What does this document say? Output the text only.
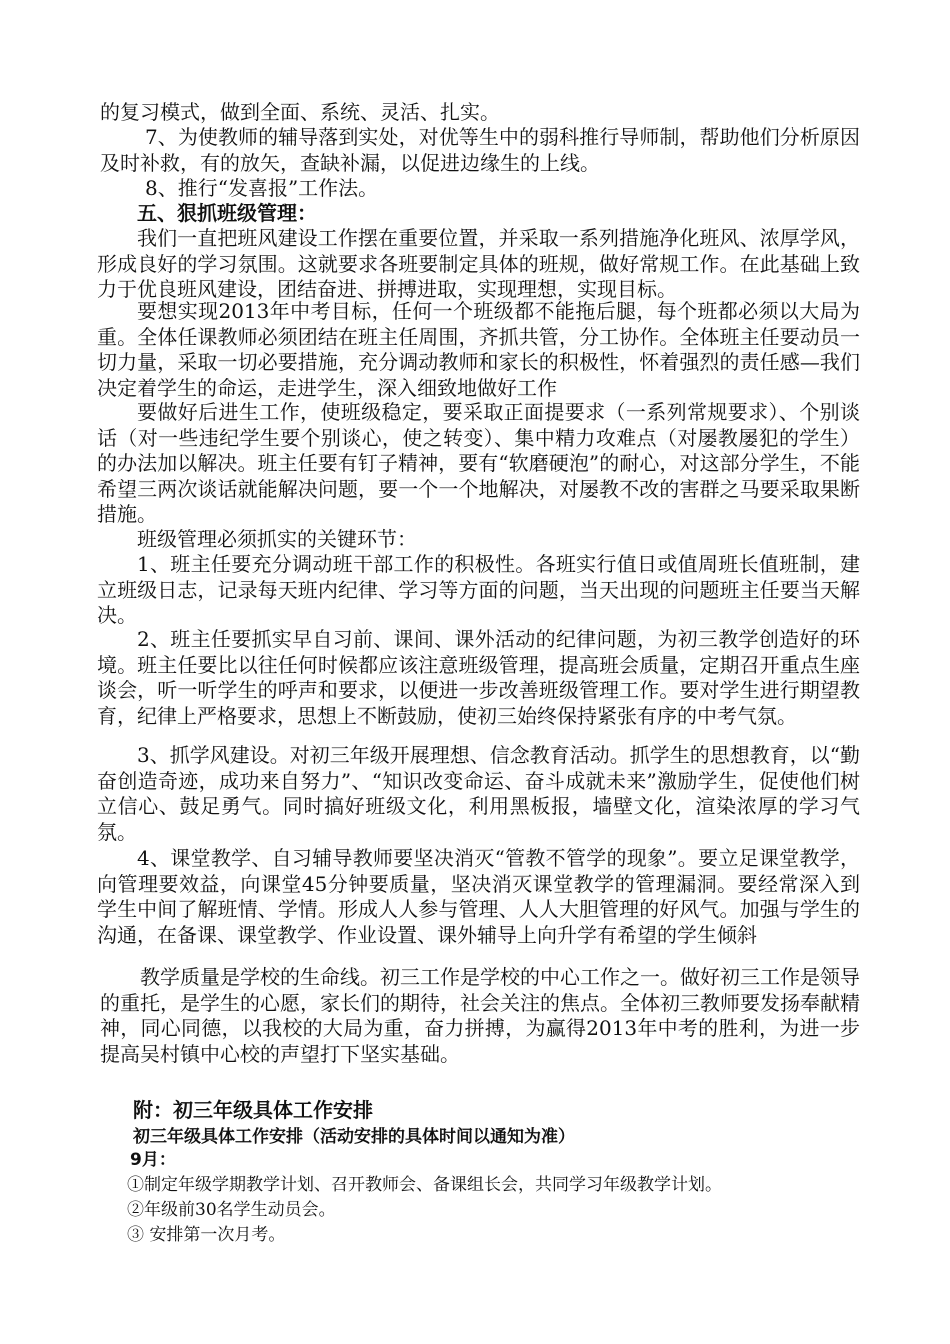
的复习模式，做到全面、系统、灵活、扎实。

7、为使教师的辅导落到实处，对优等生中的弱科推行导师制，帮助他们分析原因及时补救，有的放矢，查缺补漏，以促进边缘生的上线。

8、推行“发喜报”工作法。

五、狠抓班级管理：

我们一直把班风建设工作摆在重要位置，并采取一系列措施净化班风、浓厚学风，形成良好的学习氛围。这就要求各班要制定具体的班规，做好常规工作。在此基础上致力于优良班风建设，团结奋进、拼搏进取，实现理想，实现目标。

要想实现2013年中考目标，任何一个班级都不能拖后腿，每个班都必须以大局为重。全体任课教师必须团结在班主任周围，齐抓共管，分工协作。全体班主任要动员一切力量，采取一切必要措施，充分调动教师和家长的积极性，怀着强烈的责任感—我们决定着学生的命运，走进学生，深入细致地做好工作

要做好后进生工作，使班级稳定，要采取正面提要求（一系列常规要求）、个别谈话（对一些违纪学生要个别谈心，使之转变）、集中精力攻难点（对屡教屡犯的学生）的办法加以解决。班主任要有钉子精神，要有“软磨硬泡”的耐心，对这部分学生，不能希望三两次谈话就能解决问题，要一个一个地解决，对屡教不改的害群之马要采取果断措施。

班级管理必须抓实的关键环节：

1、班主任要充分调动班干部工作的积极性。各班实行值日或值周班长值班制，建立班级日志，记录每天班内纪律、学习等方面的问题，当天出现的问题班主任要当天解决。

2、班主任要抓实早自习前、课间、课外活动的纪律问题，为初三教学创造好的环境。班主任要比以往任何时候都应该注意班级管理，提高班会质量，定期召开重点生座谈会，听一听学生的呼声和要求，以便进一步改善班级管理工作。要对学生进行期望教育，纪律上严格要求，思想上不断鼓励，使初三始终保持紧张有序的中考气氛。

3、抓学风建设。对初三年级开展理想、信念教育活动。抓学生的思想教育，以“勤奋创造奇迹，成功来自努力”、“知识改变命运、奋斗成就未来”激励学生，促使他们树立信心、鼓足勇气。同时搞好班级文化，利用黑板报，墙壁文化，渲染浓厚的学习气氛。

4、课堂教学、自习辅导教师要坚决消灭“管教不管学的现象”。要立足课堂教学，向管理要效益，向课堂45分钟要质量，坚决消灭课堂教学的管理漏洞。要经常深入到学生中间了解班情、学情。形成人人参与管理、人人大胆管理的好风气。加强与学生的沟通，在备课、课堂教学、作业设置、课外辅导上向升学有希望的学生倾斜

教学质量是学校的生命线。初三工作是学校的中心工作之一。做好初三工作是领导的重托，是学生的心愿，家长们的期待，社会关注的焦点。全体初三教师要发扬奉献精神，同心同德，以我校的大局为重，奋力拼搏，为赢得2013年中考的胜利，为进一步提高吴村镇中心校的声望打下坚实基础。

附：初三年级具体工作安排

初三年级具体工作安排（活动安排的具体时间以通知为准）

9月：

①制定年级学期教学计划、召开教师会、备课组长会，共同学习年级教学计划。

②年级前30名学生动员会。

③ 安排第一次月考。
